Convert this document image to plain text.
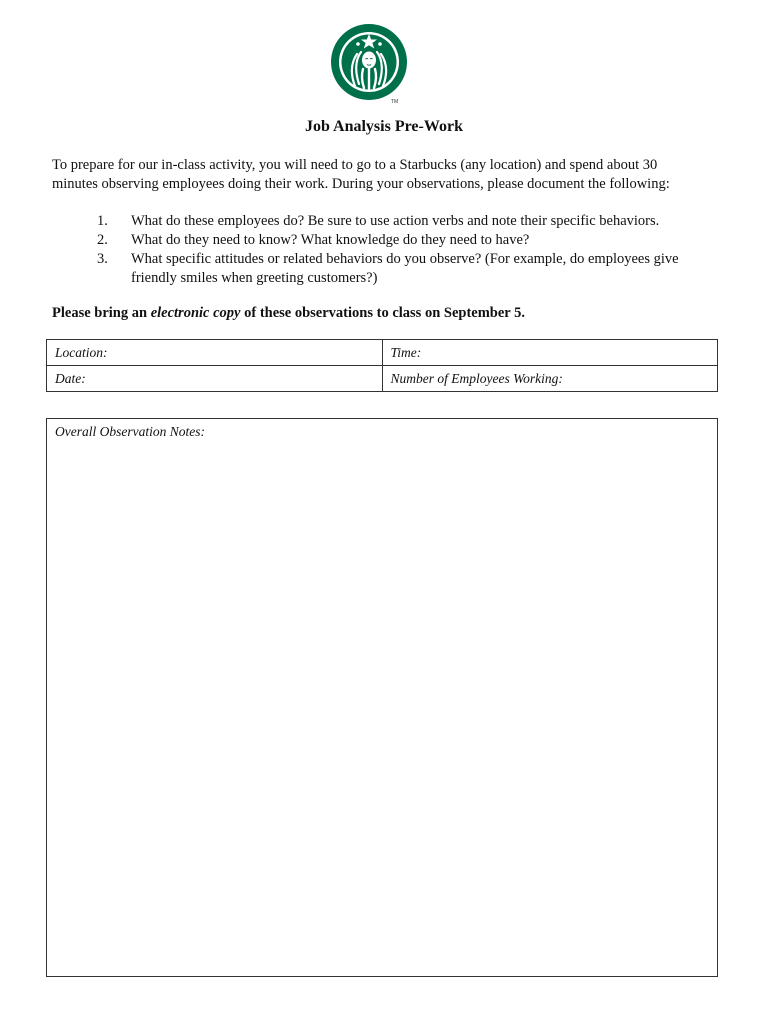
TM
Job Analysis Pre-Work
To prepare for our in-class activity, you will need to go to a Starbucks (any location) and spend about 30
minutes observing employees doing their work. During your observations, please document the following:
1. What do these employees do? Be sure to use action verbs and note their specific behaviors.
2. What do they need to know? What knowledge do they need to have?
3. What specific attitudes or related behaviors do you observe? (For example, do employees give
friendly smiles when greeting customers?)
Please bring an electronic copy of these observations to class on September 5.
Location:	Time:
Date:	Number of Employees Working:
Overall Observation Notes:
